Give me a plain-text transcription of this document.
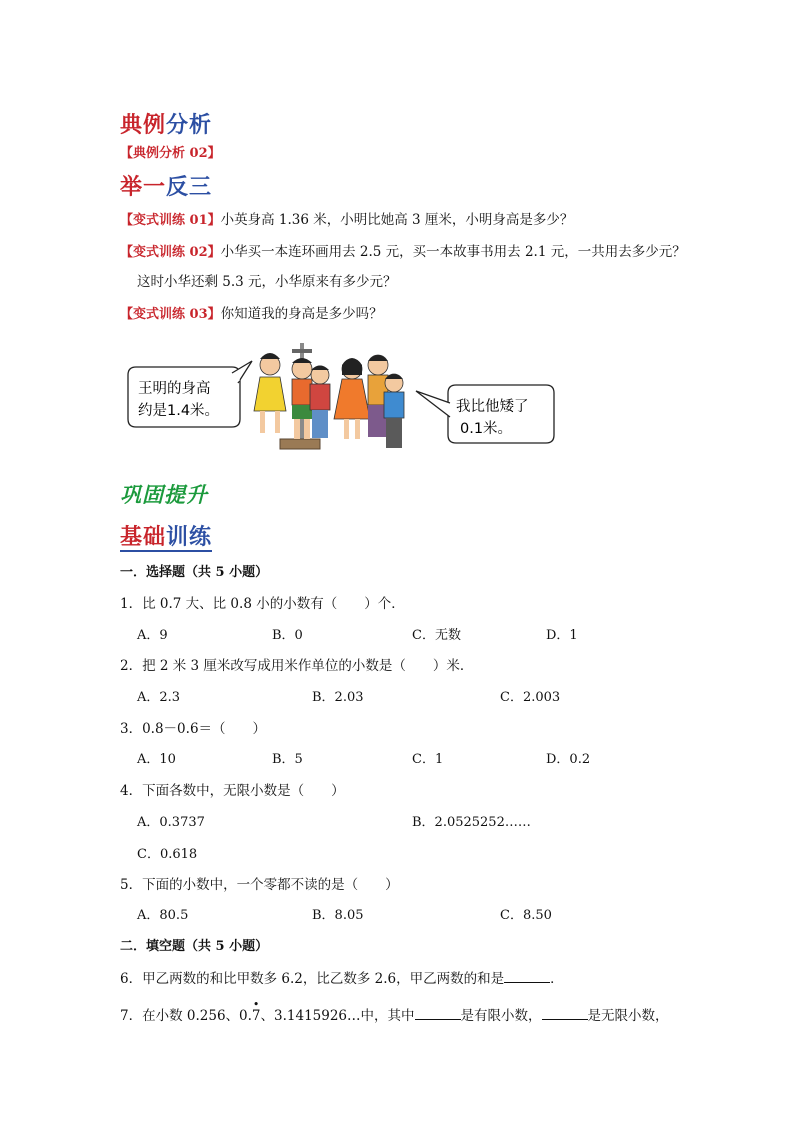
典例分析
【典例分析 02】
举一反三
【变式训练 01】小英身高 1.36 米，小明比她高 3 厘米，小明身高是多少？
【变式训练 02】小华买一本连环画用去 2.5 元，买一本故事书用去 2.1 元，一共用去多少元？
这时小华还剩 5.3 元，小华原来有多少元？
【变式训练 03】你知道我的身高是多少吗？
王明的身高
约是1.4米。	我比他矮了
0.1米。
巩固提升
基础训练
一．选择题（共 5 小题）
1．比 0.7 大、比 0.8 小的小数有（　　）个．
A．9	B．0	C．无数	D．1
2．把 2 米 3 厘米改写成用米作单位的小数是（　　）米．
A．2.3	B．2.03	C．2.003
3．0.8－0.6＝（　　）
A．10	B．5	C．1	D．0.2
4．下面各数中，无限小数是（　　）
A．0.3737	B．2.0525252……
C．0.618
5．下面的小数中，一个零都不读的是（　　）
A．80.5	B．8.05	C．8.50
二．填空题（共 5 小题）
6．甲乙两数的和比甲数多 6.2，比乙数多 2.6，甲乙两数的和是	．
7．在小数 0.256、0.
•
7、3.1415926…中，其中	是有限小数，	是无限小数，
